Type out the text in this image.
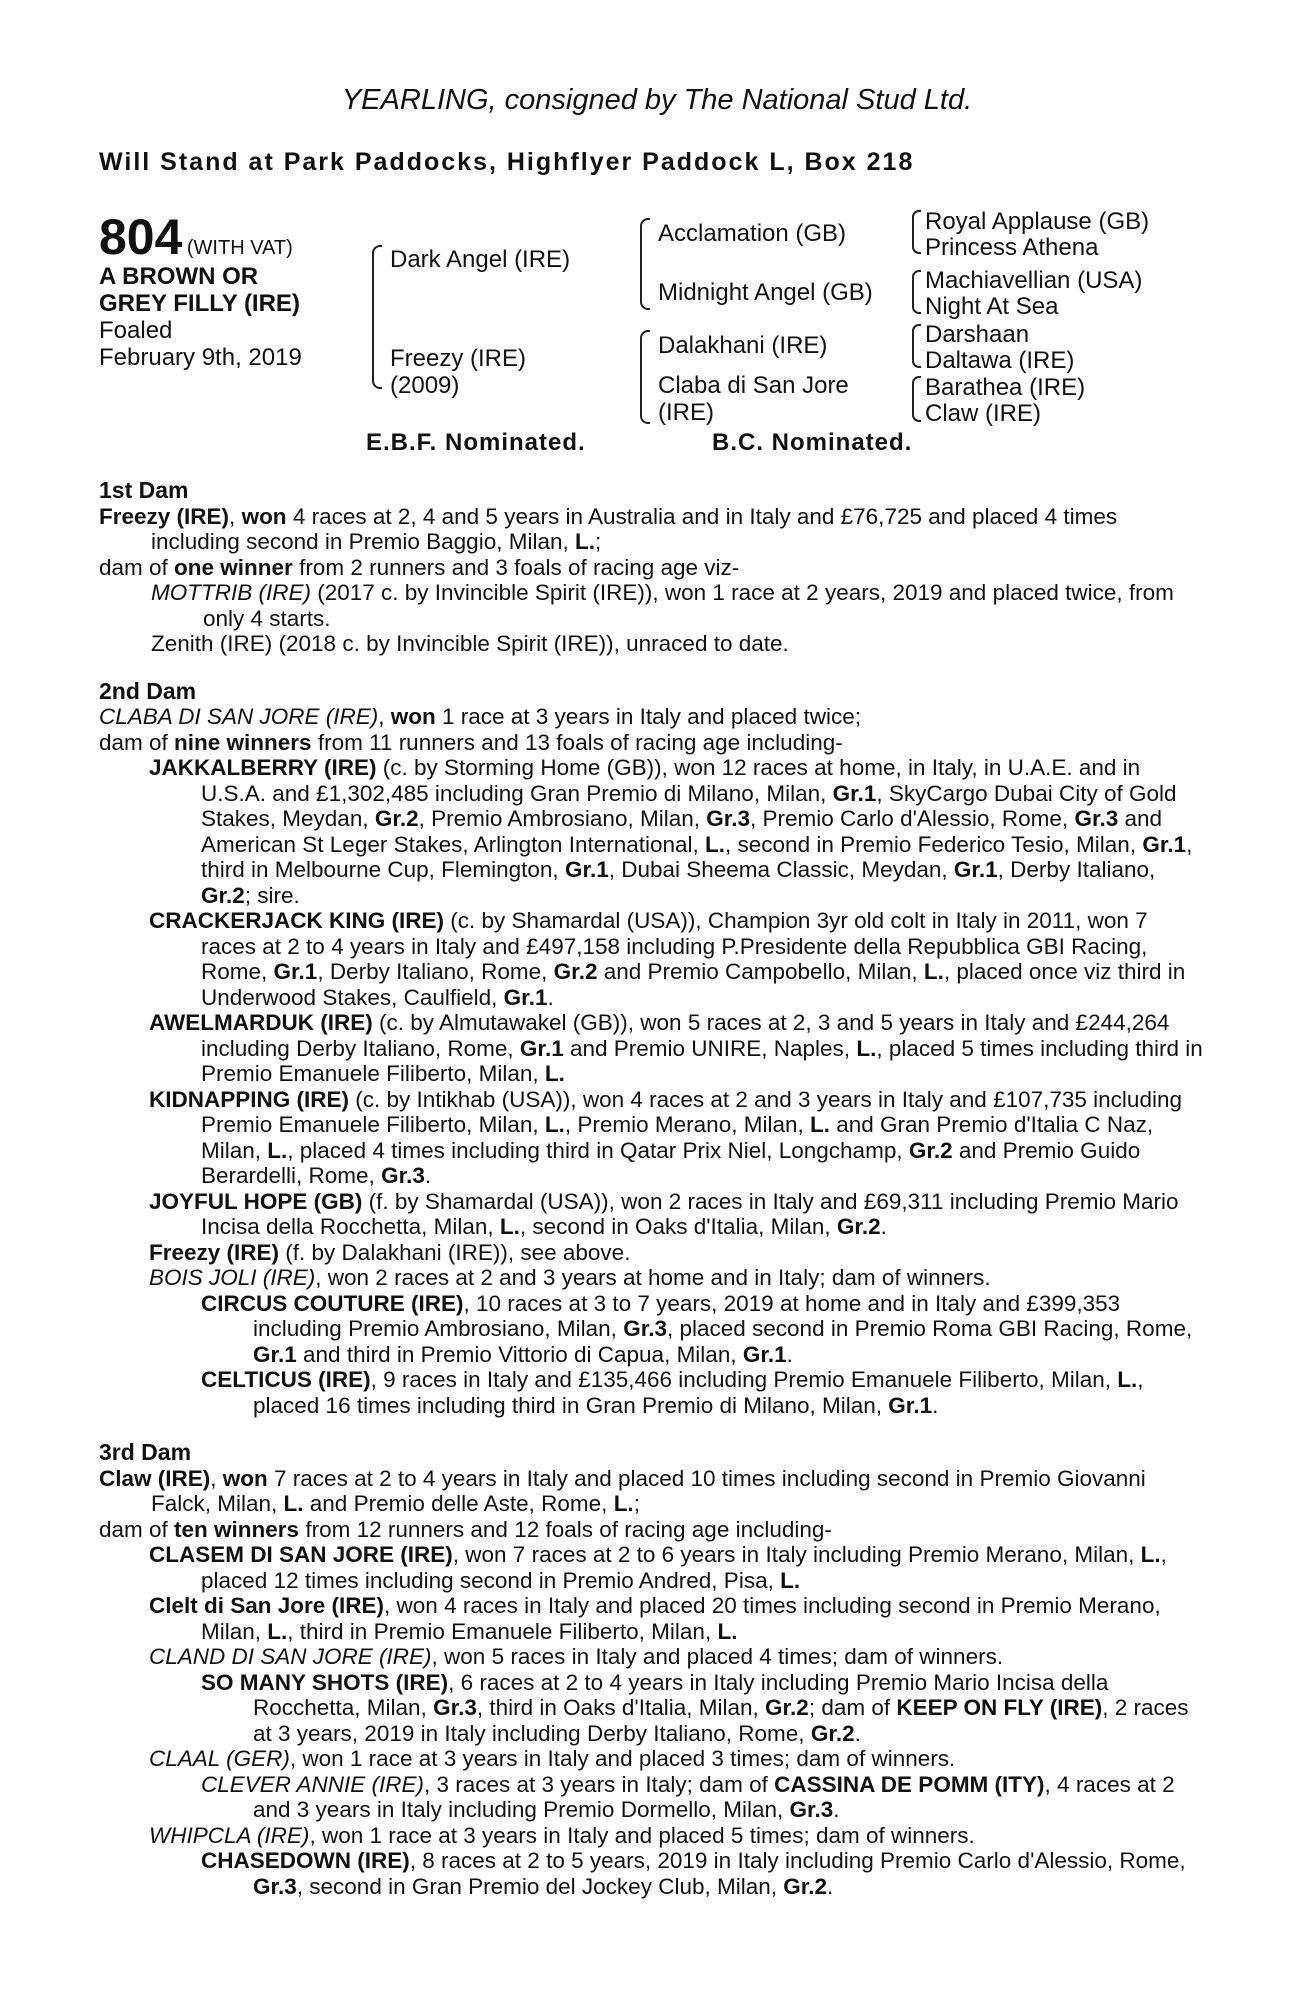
YEARLING, consigned by The National Stud Ltd.
Will Stand at Park Paddocks, Highflyer Paddock L, Box 218
804 (WITH VAT)
A BROWN OR
GREY FILLY (IRE)
Foaled
February 9th, 2019
Dark Angel (IRE)
Freezy (IRE)
(2009)
Acclamation (GB)
Midnight Angel (GB)
Dalakhani (IRE)
Claba di San Jore
(IRE)
Royal Applause (GB)
Princess Athena
Machiavellian (USA)
Night At Sea
Darshaan
Daltawa (IRE)
Barathea (IRE)
Claw (IRE)
E.B.F. Nominated.	B.C. Nominated.
1st Dam

Freezy (IRE), won 4 races at 2, 4 and 5 years in Australia and in Italy and £76,725 and placed 4 times including second in Premio Baggio, Milan, L.;

dam of one winner from 2 runners and 3 foals of racing age viz-

MOTTRIB (IRE) (2017 c. by Invincible Spirit (IRE)), won 1 race at 2 years, 2019 and placed twice, from only 4 starts.

Zenith (IRE) (2018 c. by Invincible Spirit (IRE)), unraced to date.

2nd Dam

CLABA DI SAN JORE (IRE), won 1 race at 3 years in Italy and placed twice;

dam of nine winners from 11 runners and 13 foals of racing age including-

JAKKALBERRY (IRE) (c. by Storming Home (GB)), won 12 races at home, in Italy, in U.A.E. and in U.S.A. and £1,302,485 including Gran Premio di Milano, Milan, Gr.1, SkyCargo Dubai City of Gold Stakes, Meydan, Gr.2, Premio Ambrosiano, Milan, Gr.3, Premio Carlo d'Alessio, Rome, Gr.3 and American St Leger Stakes, Arlington International, L., second in Premio Federico Tesio, Milan, Gr.1, third in Melbourne Cup, Flemington, Gr.1, Dubai Sheema Classic, Meydan, Gr.1, Derby Italiano, Gr.2; sire.

CRACKERJACK KING (IRE) (c. by Shamardal (USA)), Champion 3yr old colt in Italy in 2011, won 7 races at 2 to 4 years in Italy and £497,158 including P.Presidente della Repubblica GBI Racing, Rome, Gr.1, Derby Italiano, Rome, Gr.2 and Premio Campobello, Milan, L., placed once viz third in Underwood Stakes, Caulfield, Gr.1.

AWELMARDUK (IRE) (c. by Almutawakel (GB)), won 5 races at 2, 3 and 5 years in Italy and £244,264 including Derby Italiano, Rome, Gr.1 and Premio UNIRE, Naples, L., placed 5 times including third in Premio Emanuele Filiberto, Milan, L.

KIDNAPPING (IRE) (c. by Intikhab (USA)), won 4 races at 2 and 3 years in Italy and £107,735 including Premio Emanuele Filiberto, Milan, L., Premio Merano, Milan, L. and Gran Premio d'Italia C Naz, Milan, L., placed 4 times including third in Qatar Prix Niel, Longchamp, Gr.2 and Premio Guido Berardelli, Rome, Gr.3.

JOYFUL HOPE (GB) (f. by Shamardal (USA)), won 2 races in Italy and £69,311 including Premio Mario Incisa della Rocchetta, Milan, L., second in Oaks d'Italia, Milan, Gr.2.

Freezy (IRE) (f. by Dalakhani (IRE)), see above.

BOIS JOLI (IRE), won 2 races at 2 and 3 years at home and in Italy; dam of winners.

CIRCUS COUTURE (IRE), 10 races at 3 to 7 years, 2019 at home and in Italy and £399,353 including Premio Ambrosiano, Milan, Gr.3, placed second in Premio Roma GBI Racing, Rome, Gr.1 and third in Premio Vittorio di Capua, Milan, Gr.1.

CELTICUS (IRE), 9 races in Italy and £135,466 including Premio Emanuele Filiberto, Milan, L., placed 16 times including third in Gran Premio di Milano, Milan, Gr.1.

3rd Dam

Claw (IRE), won 7 races at 2 to 4 years in Italy and placed 10 times including second in Premio Giovanni Falck, Milan, L. and Premio delle Aste, Rome, L.;

dam of ten winners from 12 runners and 12 foals of racing age including-

CLASEM DI SAN JORE (IRE), won 7 races at 2 to 6 years in Italy including Premio Merano, Milan, L., placed 12 times including second in Premio Andred, Pisa, L.

Clelt di San Jore (IRE), won 4 races in Italy and placed 20 times including second in Premio Merano, Milan, L., third in Premio Emanuele Filiberto, Milan, L.

CLAND DI SAN JORE (IRE), won 5 races in Italy and placed 4 times; dam of winners.

SO MANY SHOTS (IRE), 6 races at 2 to 4 years in Italy including Premio Mario Incisa della Rocchetta, Milan, Gr.3, third in Oaks d'Italia, Milan, Gr.2; dam of KEEP ON FLY (IRE), 2 races at 3 years, 2019 in Italy including Derby Italiano, Rome, Gr.2.

CLAAL (GER), won 1 race at 3 years in Italy and placed 3 times; dam of winners.

CLEVER ANNIE (IRE), 3 races at 3 years in Italy; dam of CASSINA DE POMM (ITY), 4 races at 2 and 3 years in Italy including Premio Dormello, Milan, Gr.3.

WHIPCLA (IRE), won 1 race at 3 years in Italy and placed 5 times; dam of winners.

CHASEDOWN (IRE), 8 races at 2 to 5 years, 2019 in Italy including Premio Carlo d'Alessio, Rome, Gr.3, second in Gran Premio del Jockey Club, Milan, Gr.2.
